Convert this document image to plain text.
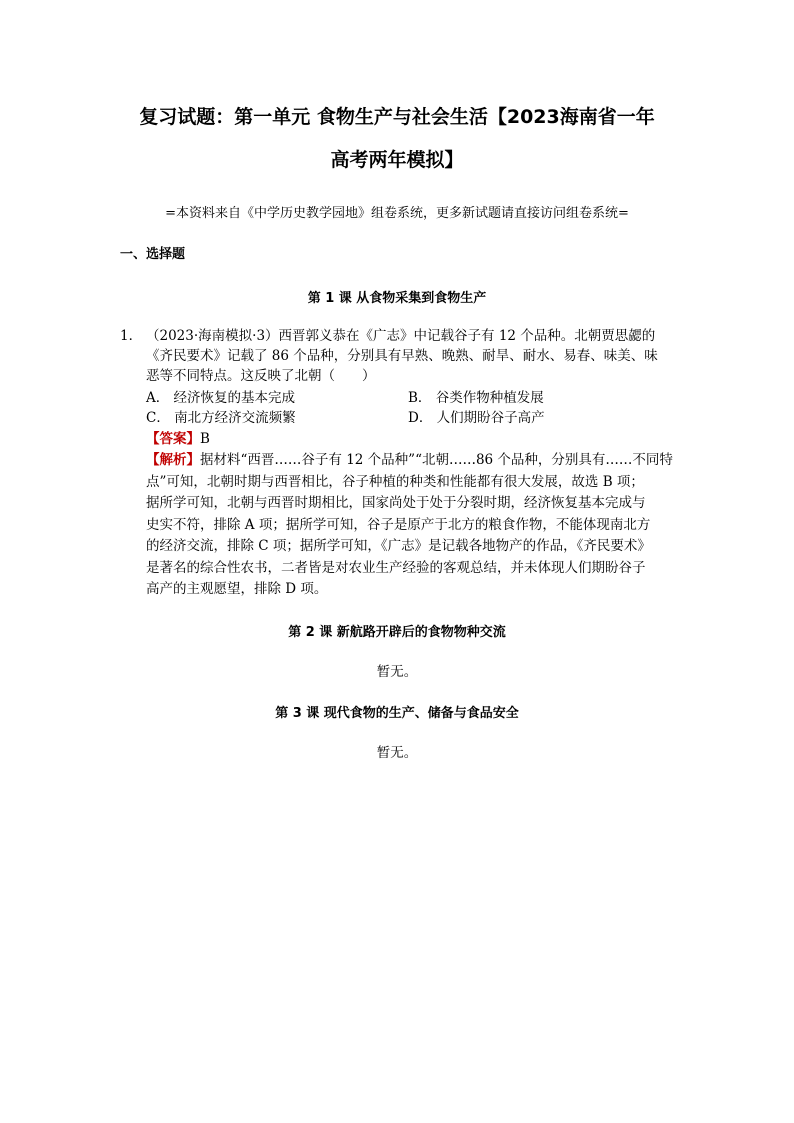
复习试题：第一单元 食物生产与社会生活【2023海南省一年
高考两年模拟】
=本资料来自《中学历史教学园地》组卷系统，更多新试题请直接访问组卷系统=
一、选择题
第 1 课 从食物采集到食物生产
1． （2023·海南模拟·3）西晋郭义恭在《广志》中记载谷子有 12 个品种。北朝贾思勰的
《齐民要术》记载了 86 个品种，分别具有早熟、晚熟、耐旱、耐水、易春、味美、味
恶等不同特点。这反映了北朝（　　）
A． 经济恢复的基本完成	B． 谷类作物种植发展
C． 南北方经济交流频繁	D． 人们期盼谷子高产
【答案】B
【解析】据材料“西晋……谷子有 12 个品种”“北朝……86 个品种，分别具有……不同特
点”可知，北朝时期与西晋相比，谷子种植的种类和性能都有很大发展，故选 B 项；
据所学可知，北朝与西晋时期相比，国家尚处于处于分裂时期，经济恢复基本完成与
史实不符，排除 A 项；据所学可知，谷子是原产于北方的粮食作物，不能体现南北方
的经济交流，排除 C 项；据所学可知，《广志》是记载各地物产的作品，《齐民要术》
是著名的综合性农书，二者皆是对农业生产经验的客观总结，并未体现人们期盼谷子
高产的主观愿望，排除 D 项。
第 2 课 新航路开辟后的食物物种交流
暂无。
第 3 课 现代食物的生产、储备与食品安全
暂无。
